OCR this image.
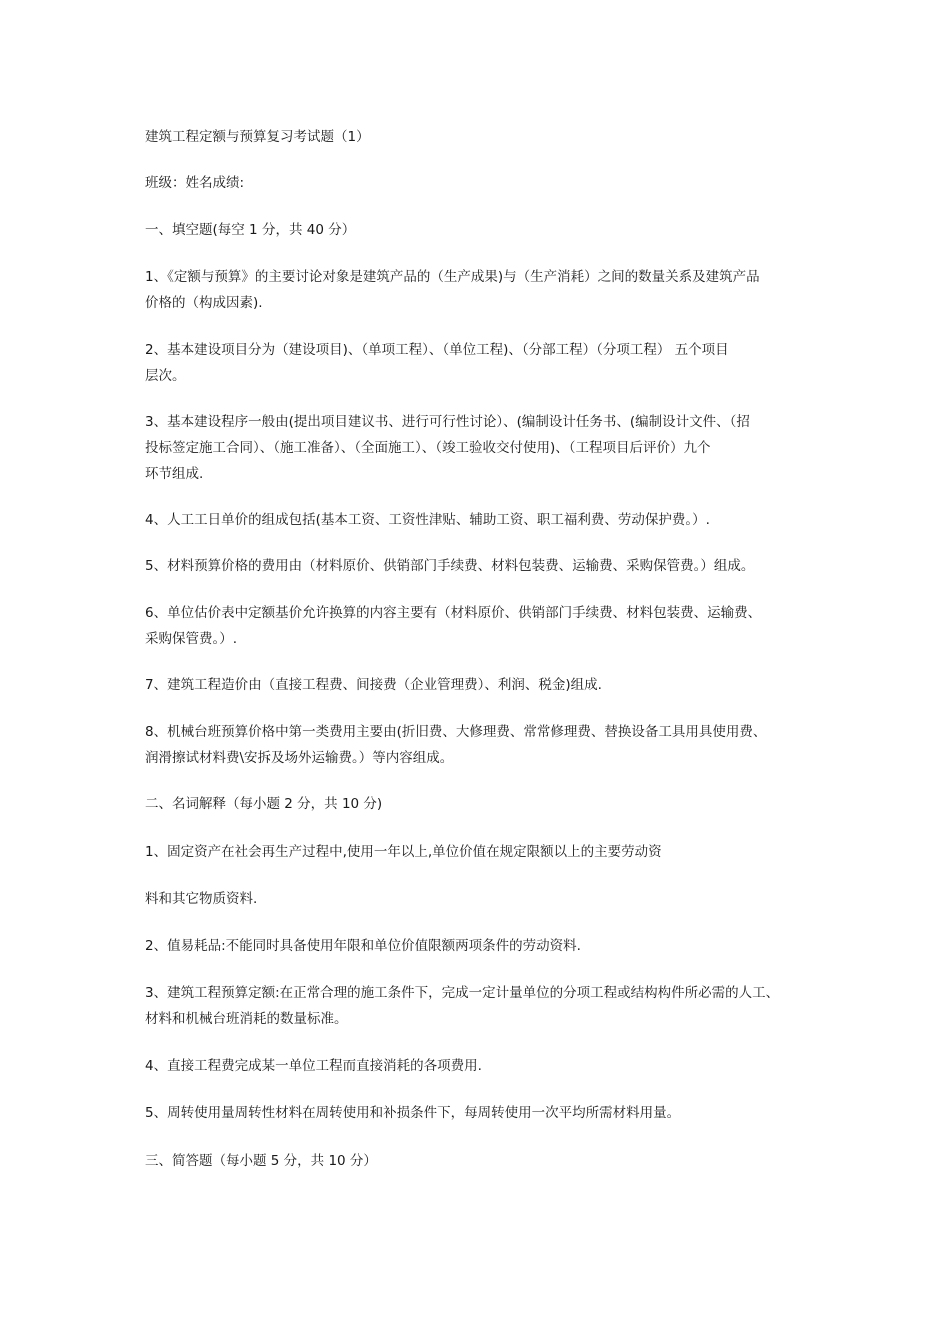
建筑工程定额与预算复习考试题（1）
班级：姓名成绩:
一、填空题(每空 1 分，共 40 分）
1、《定额与预算》的主要讨论对象是建筑产品的（生产成果)与（生产消耗）之间的数量关系及建筑产品
价格的（构成因素).
2、基本建设项目分为（建设项目)、（单项工程）、（单位工程)、（分部工程）（分项工程） 五个项目
层次。
3、基本建设程序一般由(提出项目建议书、进行可行性讨论）、(编制设计任务书、(编制设计文件、（招
投标签定施工合同）、（施工准备）、（全面施工）、（竣工验收交付使用)、（工程项目后评价）九个
环节组成.
4、人工工日单价的组成包括(基本工资、工资性津贴、辅助工资、职工福利费、劳动保护费。）.
5、材料预算价格的费用由（材料原价、供销部门手续费、材料包装费、运输费、采购保管费。）组成。
6、单位估价表中定额基价允许换算的内容主要有（材料原价、供销部门手续费、材料包装费、运输费、
采购保管费。）.
7、建筑工程造价由（直接工程费、间接费（企业管理费）、利润、税金)组成.
8、机械台班预算价格中第一类费用主要由(折旧费、大修理费、常常修理费、替换设备工具用具使用费、
润滑擦试材料费\安拆及场外运输费。）等内容组成。
二、名词解释（每小题 2 分，共 10 分)
1、固定资产在社会再生产过程中,使用一年以上,单位价值在规定限额以上的主要劳动资
料和其它物质资料.
2、值易耗品:不能同时具备使用年限和单位价值限额两项条件的劳动资料.
3、建筑工程预算定额:在正常合理的施工条件下，完成一定计量单位的分项工程或结构构件所必需的人工、
材料和机械台班消耗的数量标准。
4、直接工程费完成某一单位工程而直接消耗的各项费用.
5、周转使用量周转性材料在周转使用和补损条件下，每周转使用一次平均所需材料用量。
三、简答题（每小题 5 分，共 10 分）
